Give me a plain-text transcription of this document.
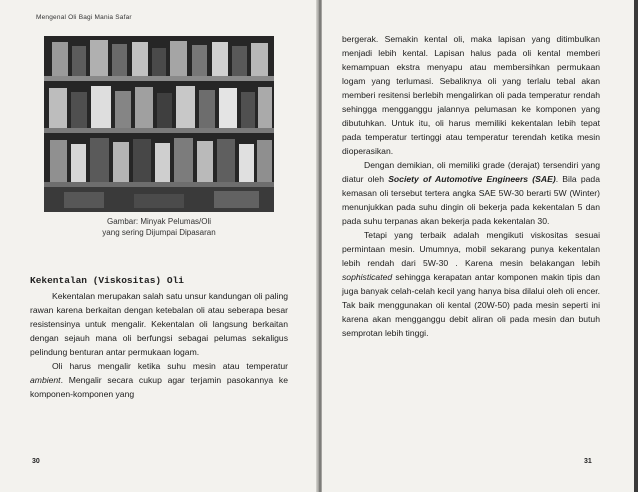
Mengenal Oli Bagi Mania Safar
Gambar: Minyak Pelumas/Oli
yang sering Dijumpai Dipasaran
Kekentalan (Viskositas) Oli

Kekentalan merupakan salah satu unsur kandungan oli paling rawan karena berkaitan dengan ketebalan oli atau seberapa besar resistensinya untuk mengalir. Kekentalan oli langsung berkaitan dengan sejauh mana oli berfungsi sebagai pelumas sekaligus pelindung benturan antar permukaan logam.

Oli harus mengalir ketika suhu mesin atau temperatur ambient. Mengalir secara cukup agar terjamin pasokannya ke komponen-komponen yang

30

bergerak. Semakin kental oli, maka lapisan yang ditimbulkan menjadi lebih kental. Lapisan halus pada oli kental memberi kemampuan ekstra menyapu atau membersihkan permukaan logam yang terlumasi. Sebaliknya oli yang terlalu tebal akan memberi resitensi berlebih mengalirkan oli pada temperatur rendah sehingga mengganggu jalannya pelumasan ke komponen yang dibutuhkan. Untuk itu, oli harus memiliki kekentalan lebih tepat pada temperatur tertinggi atau temperatur terendah ketika mesin dioperasikan.

Dengan demikian, oli memiliki grade (derajat) tersendiri yang diatur oleh Society of Automotive Engineers (SAE). Bila pada kemasan oli tersebut tertera angka SAE 5W-30 berarti 5W (Winter) menunjukkan pada suhu dingin oli bekerja pada kekentalan 5 dan pada suhu terpanas akan bekerja pada kekentalan 30.

Tetapi yang terbaik adalah mengikuti viskositas sesuai permintaan mesin. Umumnya, mobil sekarang punya kekentalan lebih rendah dari 5W-30 . Karena mesin belakangan lebih sophisticated sehingga kerapatan antar komponen makin tipis dan juga banyak celah-celah kecil yang hanya bisa dilalui oleh oli encer. Tak baik menggunakan oli kental (20W-50) pada mesin seperti ini karena akan mengganggu debit aliran oli pada mesin dan butuh semprotan lebih tinggi.

31
